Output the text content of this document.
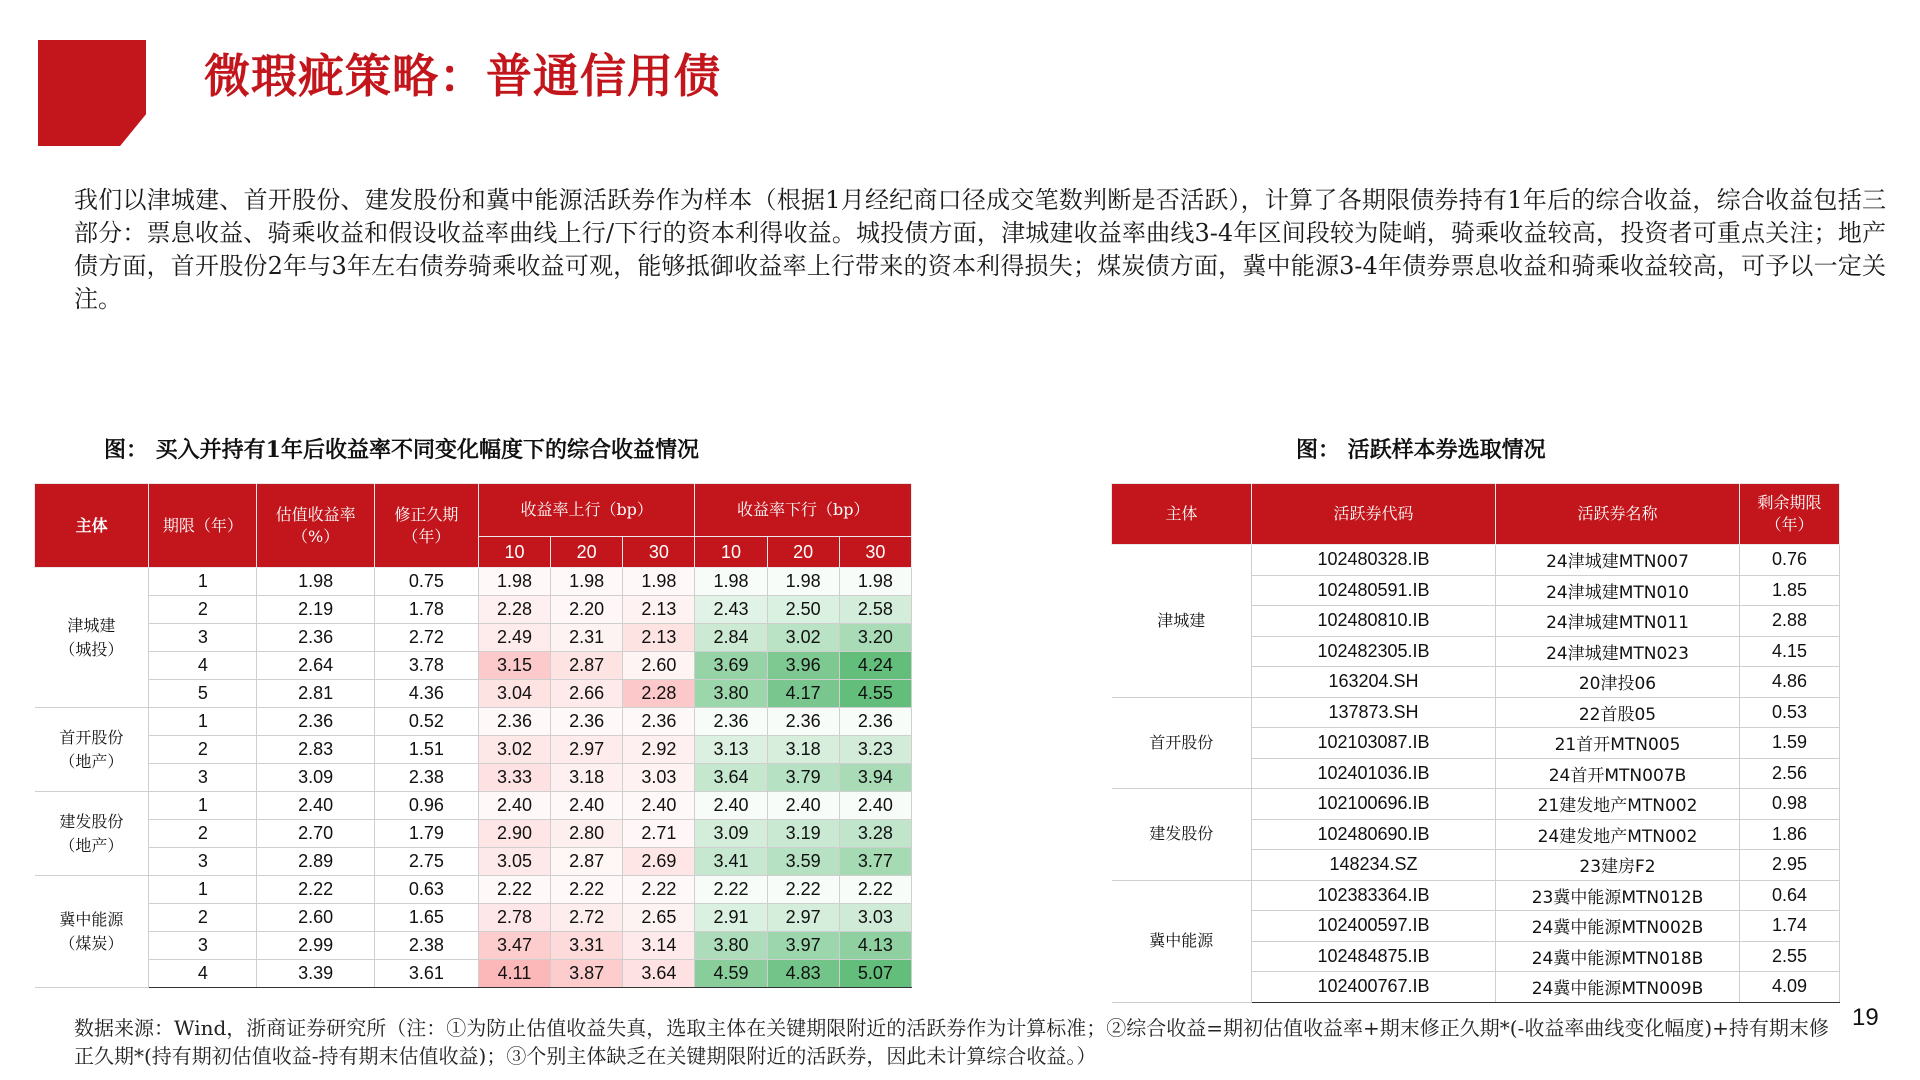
微瑕疵策略：普通信用债
我们以津城建、首开股份、建发股份和冀中能源活跃券作为样本（根据1月经纪商口径成交笔数判断是否活跃），计算了各期限债券持有1年后的综合收益，综合收益包括三部分：票息收益、骑乘收益和假设收益率曲线上行/下行的资本利得收益。城投债方面，津城建收益率曲线3-4年区间段较为陡峭，骑乘收益较高，投资者可重点关注；地产债方面，首开股份2年与3年左右债券骑乘收益可观，能够抵御收益率上行带来的资本利得损失；煤炭债方面，冀中能源3-4年债券票息收益和骑乘收益较高，可予以一定关注。
图： 买入并持有1年后收益率不同变化幅度下的综合收益情况	图： 活跃样本券选取情况
主体	期限（年）	估值收益率（%）	修正久期（年）	收益率上行（bp）			收益率下行（bp）		
				10	20	30	10	20	30
津城建
（城投）	1	1.98	0.75	1.98	1.98	1.98	1.98	1.98	1.98
	2	2.19	1.78	2.28	2.20	2.13	2.43	2.50	2.58
	3	2.36	2.72	2.49	2.31	2.13	2.84	3.02	3.20
	4	2.64	3.78	3.15	2.87	2.60	3.69	3.96	4.24
	5	2.81	4.36	3.04	2.66	2.28	3.80	4.17	4.55
首开股份
（地产）	1	2.36	0.52	2.36	2.36	2.36	2.36	2.36	2.36
	2	2.83	1.51	3.02	2.97	2.92	3.13	3.18	3.23
	3	3.09	2.38	3.33	3.18	3.03	3.64	3.79	3.94
建发股份
（地产）	1	2.40	0.96	2.40	2.40	2.40	2.40	2.40	2.40
	2	2.70	1.79	2.90	2.80	2.71	3.09	3.19	3.28
	3	2.89	2.75	3.05	2.87	2.69	3.41	3.59	3.77
冀中能源
（煤炭）	1	2.22	0.63	2.22	2.22	2.22	2.22	2.22	2.22
	2	2.60	1.65	2.78	2.72	2.65	2.91	2.97	3.03
	3	2.99	2.38	3.47	3.31	3.14	3.80	3.97	4.13
	4	3.39	3.61	4.11	3.87	3.64	4.59	4.83	5.07
主体	活跃券代码	活跃券名称	剩余期限（年）
津城建	102480328.IB	24津城建MTN007	0.76
	102480591.IB	24津城建MTN010	1.85
	102480810.IB	24津城建MTN011	2.88
	102482305.IB	24津城建MTN023	4.15
	163204.SH	20津投06	4.86
首开股份	137873.SH	22首股05	0.53
	102103087.IB	21首开MTN005	1.59
	102401036.IB	24首开MTN007B	2.56
建发股份	102100696.IB	21建发地产MTN002	0.98
	102480690.IB	24建发地产MTN002	1.86
	148234.SZ	23建房F2	2.95
冀中能源	102383364.IB	23冀中能源MTN012B	0.64
	102400597.IB	24冀中能源MTN002B	1.74
	102484875.IB	24冀中能源MTN018B	2.55
	102400767.IB	24冀中能源MTN009B	4.09
数据来源：Wind，浙商证券研究所（注：①为防止估值收益失真，选取主体在关键期限附近的活跃券作为计算标准；②综合收益=期初估值收益率+期末修正久期*(-收益率曲线变化幅度)+持有期末修正久期*(持有期初估值收益-持有期末估值收益)；③个别主体缺乏在关键期限附近的活跃券，因此未计算综合收益。）
19
